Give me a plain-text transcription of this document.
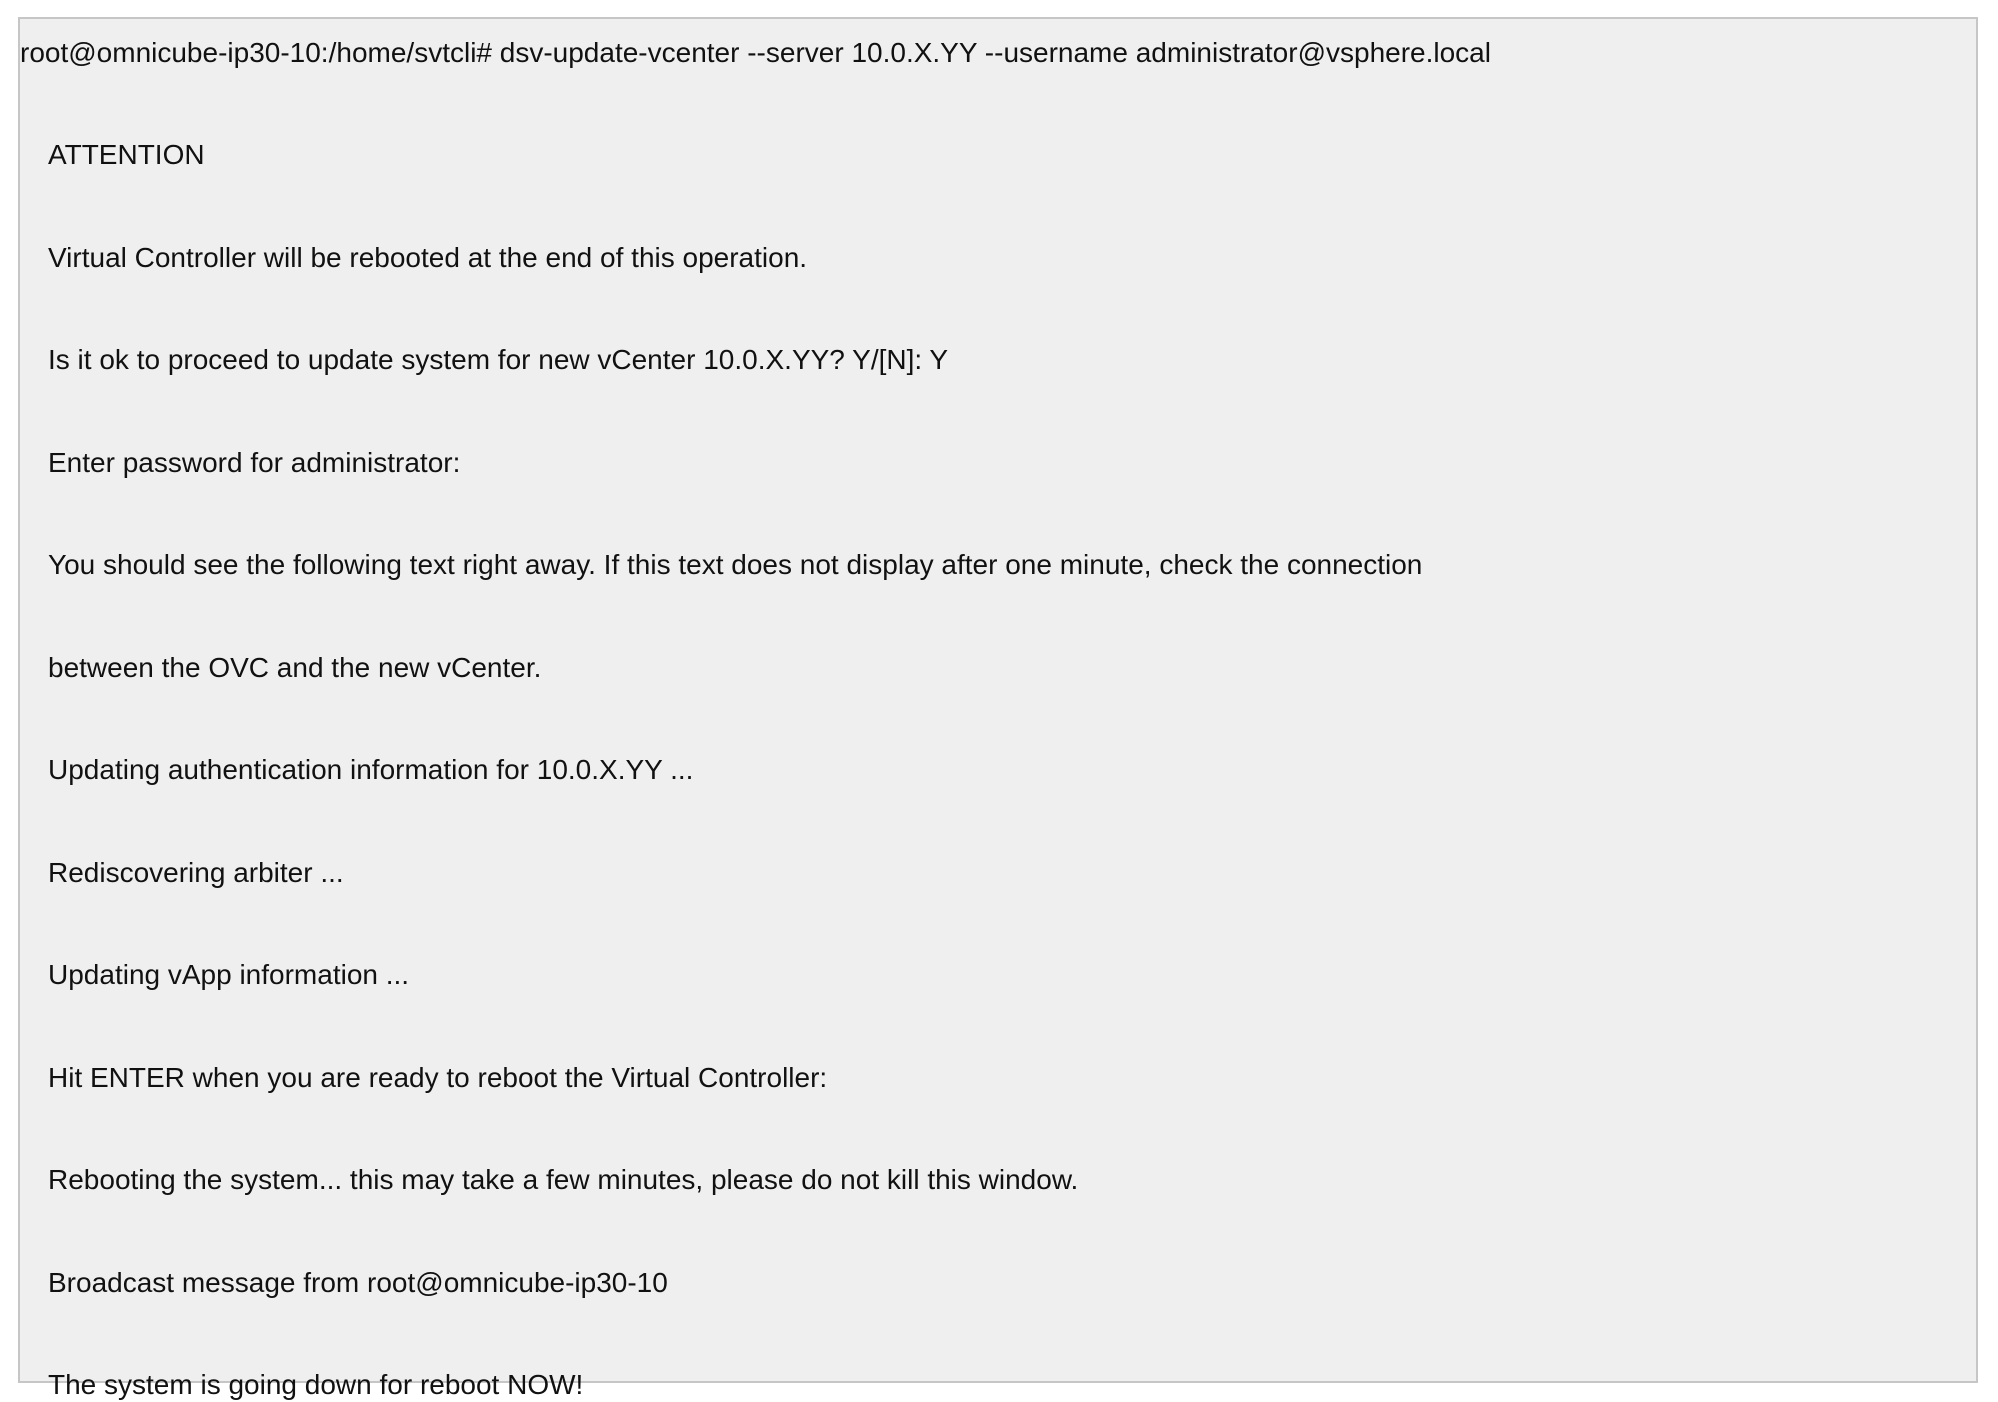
root@omnicube-ip30-10:/home/svtcli# dsv-update-vcenter --server 10.0.X.YY --username administrator@vsphere.local
ATTENTION
Virtual Controller will be rebooted at the end of this operation.
Is it ok to proceed to update system for new vCenter 10.0.X.YY? Y/[N]: Y
Enter password for administrator:
You should see the following text right away. If this text does not display after one minute, check the connection
between the OVC and the new vCenter.
Updating authentication information for 10.0.X.YY ...
Rediscovering arbiter ...
Updating vApp information ...
Hit ENTER when you are ready to reboot the Virtual Controller:
Rebooting the system... this may take a few minutes, please do not kill this window.
Broadcast message from root@omnicube-ip30-10
The system is going down for reboot NOW!
